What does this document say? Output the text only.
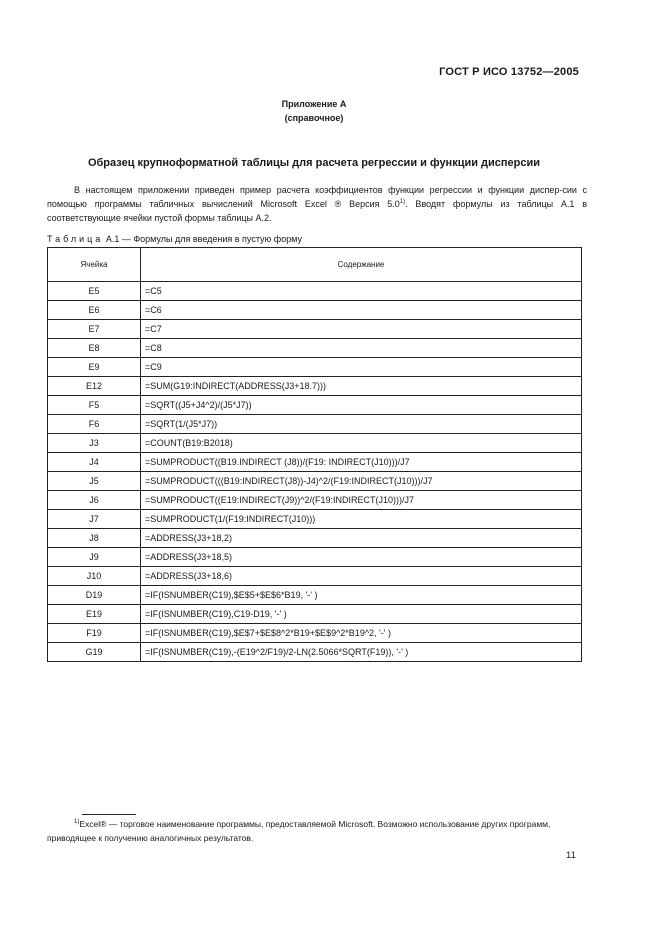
ГОСТ Р ИСО 13752—2005
Приложение А
(справочное)
Образец крупноформатной таблицы для расчета регрессии и функции дисперсии
В настоящем приложении приведен пример расчета коэффициентов функции регрессии и функции диспер-сии с помощью программы табличных вычислений Microsoft Excel ® Версия 5.0$^{1)}$. Вводят формулы из таблицы А.1 в соответствующие ячейки пустой формы таблицы А.2.
Таблица А.1 — Формулы для введения в пустую форму
Ячейка	Содержание
E5	=C5
E6	=C6
E7	=C7
E8	=C8
E9	=C9
E12	=SUM(G19:INDIRECT(ADDRESS(J3+18.7)))
F5	=SQRT((J5+J4^2)/(J5*J7))
F6	=SQRT(1/(J5*J7))
J3	=COUNT(B19:B2018)
J4	=SUMPRODUCT((B19.INDIRECT (J8))/(F19: INDIRECT(J10)))/J7
J5	=SUMPRODUCT(((B19:INDIRECT(J8))-J4)^2/(F19:INDIRECT(J10)))/J7
J6	=SUMPRODUCT((E19:INDIRECT(J9))^2/(F19:INDIRECT(J10)))/J7
J7	=SUMPRODUCT(1/(F19:INDIRECT(J10)))
J8	=ADDRESS(J3+18,2)
J9	=ADDRESS(J3+18,5)
J10	=ADDRESS(J3+18,6)
D19	=IF(ISNUMBER(C19),$E$5+$E$6*B19, '-' )
E19	=IF(ISNUMBER(C19),C19-D19, '-' )
F19	=IF(ISNUMBER(C19),$E$7+$E$8^2*B19+$E$9^2*B19^2, '-' )
G19	=IF(ISNUMBER(C19),-(E19^2/F19)/2-LN(2.5066*SQRT(F19)), '-' )
$^{1)}$Excel® — торговое наименование программы, предоставляемой Microsoft. Возможно использование других программ, приводящее к получению аналогичных результатов.
11
